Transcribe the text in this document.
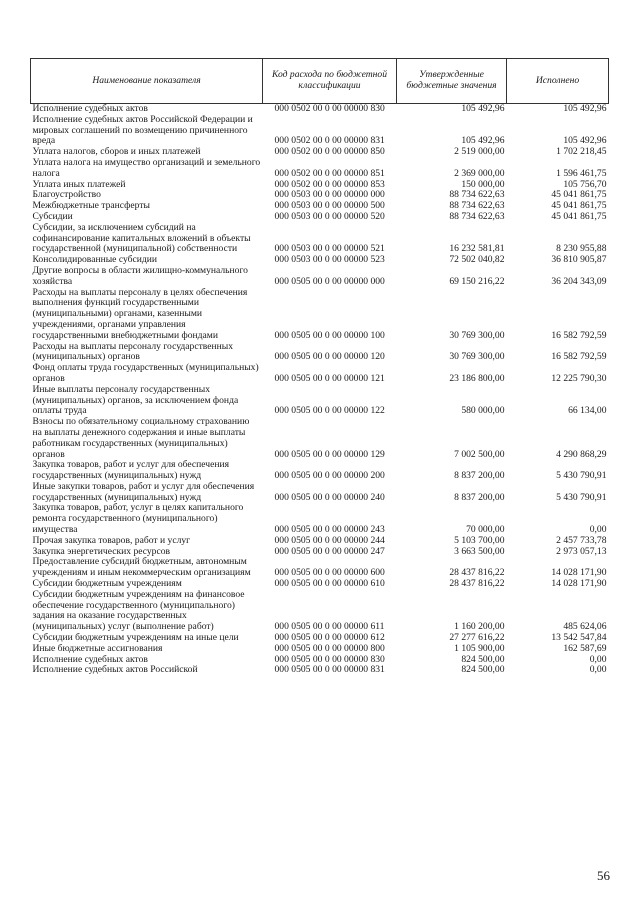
Наименование показателя	Код расхода по бюджетной классификации	Утвержденные бюджетные значения	Исполнено
Исполнение судебных актов	000 0502 00 0 00 00000 830	105 492,96	105 492,96
Исполнение судебных актов Российской Федерации и мировых соглашений по возмещению причиненного вреда	000 0502 00 0 00 00000 831	105 492,96	105 492,96
Уплата налогов, сборов и иных платежей	000 0502 00 0 00 00000 850	2 519 000,00	1 702 218,45
Уплата налога на имущество организаций и земельного налога	000 0502 00 0 00 00000 851	2 369 000,00	1 596 461,75
Уплата иных платежей	000 0502 00 0 00 00000 853	150 000,00	105 756,70
Благоустройство	000 0503 00 0 00 00000 000	88 734 622,63	45 041 861,75
Межбюджетные трансферты	000 0503 00 0 00 00000 500	88 734 622,63	45 041 861,75
Субсидии	000 0503 00 0 00 00000 520	88 734 622,63	45 041 861,75
Субсидии, за исключением субсидий на софинансирование капитальных вложений в объекты государственной (муниципальной) собственности	000 0503 00 0 00 00000 521	16 232 581,81	8 230 955,88
Консолидированные субсидии	000 0503 00 0 00 00000 523	72 502 040,82	36 810 905,87
Другие вопросы в области жилищно-коммунального хозяйства	000 0505 00 0 00 00000 000	69 150 216,22	36 204 343,09
Расходы на выплаты персоналу в целях обеспечения выполнения функций государственными (муниципальными) органами, казенными учреждениями, органами управления государственными внебюджетными фондами	000 0505 00 0 00 00000 100	30 769 300,00	16 582 792,59
Расходы на выплаты персоналу государственных (муниципальных) органов	000 0505 00 0 00 00000 120	30 769 300,00	16 582 792,59
Фонд оплаты труда государственных (муниципальных) органов	000 0505 00 0 00 00000 121	23 186 800,00	12 225 790,30
Иные выплаты персоналу государственных (муниципальных) органов, за исключением фонда оплаты труда	000 0505 00 0 00 00000 122	580 000,00	66 134,00
Взносы по обязательному социальному страхованию на выплаты денежного содержания и иные выплаты работникам государственных (муниципальных) органов	000 0505 00 0 00 00000 129	7 002 500,00	4 290 868,29
Закупка товаров, работ и услуг для обеспечения государственных (муниципальных) нужд	000 0505 00 0 00 00000 200	8 837 200,00	5 430 790,91
Иные закупки товаров, работ и услуг для обеспечения государственных (муниципальных) нужд	000 0505 00 0 00 00000 240	8 837 200,00	5 430 790,91
Закупка товаров, работ, услуг в целях капитального ремонта государственного (муниципального) имущества	000 0505 00 0 00 00000 243	70 000,00	0,00
Прочая закупка товаров, работ и услуг	000 0505 00 0 00 00000 244	5 103 700,00	2 457 733,78
Закупка энергетических ресурсов	000 0505 00 0 00 00000 247	3 663 500,00	2 973 057,13
Предоставление субсидий бюджетным, автономным учреждениям и иным некоммерческим организациям	000 0505 00 0 00 00000 600	28 437 816,22	14 028 171,90
Субсидии бюджетным учреждениям	000 0505 00 0 00 00000 610	28 437 816,22	14 028 171,90
Субсидии бюджетным учреждениям на финансовое обеспечение государственного (муниципального) задания на оказание государственных (муниципальных) услуг (выполнение работ)	000 0505 00 0 00 00000 611	1 160 200,00	485 624,06
Субсидии бюджетным учреждениям на иные цели	000 0505 00 0 00 00000 612	27 277 616,22	13 542 547,84
Иные бюджетные ассигнования	000 0505 00 0 00 00000 800	1 105 900,00	162 587,69
Исполнение судебных актов	000 0505 00 0 00 00000 830	824 500,00	0,00
Исполнение судебных актов Российской	000 0505 00 0 00 00000 831	824 500,00	0,00
56
